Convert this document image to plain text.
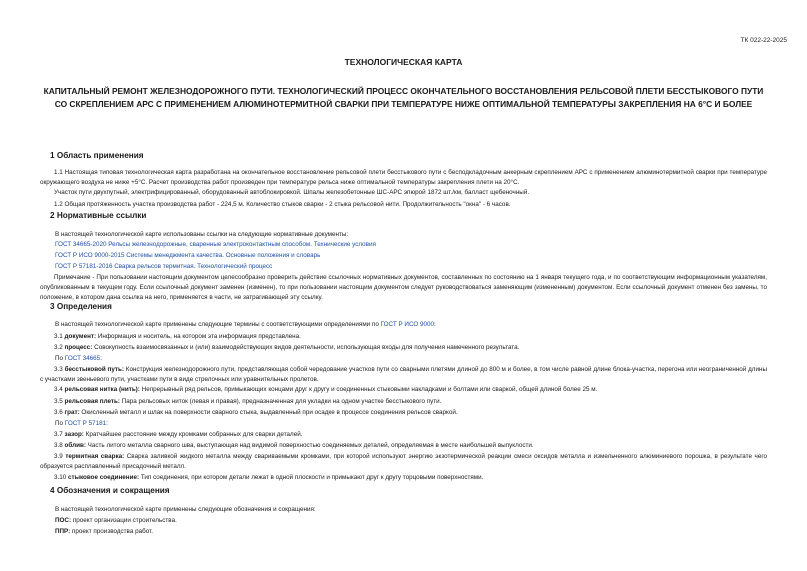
ТК 022-22-2025
ТЕХНОЛОГИЧЕСКАЯ КАРТА
КАПИТАЛЬНЫЙ РЕМОНТ ЖЕЛЕЗНОДОРОЖНОГО ПУТИ. ТЕХНОЛОГИЧЕСКИЙ ПРОЦЕСС ОКОНЧАТЕЛЬНОГО ВОССТАНОВЛЕНИЯ РЕЛЬСОВОЙ ПЛЕТИ БЕССТЫКОВОГО ПУТИ СО СКРЕПЛЕНИЕМ АРС С ПРИМЕНЕНИЕМ АЛЮМИНОТЕРМИТНОЙ СВАРКИ ПРИ ТЕМПЕРАТУРЕ НИЖЕ ОПТИМАЛЬНОЙ ТЕМПЕРАТУРЫ ЗАКРЕПЛЕНИЯ НА 6°С И БОЛЕЕ
1 Область применения
1.1 Настоящая типовая технологическая карта разработана на окончательное восстановление рельсовой плети бесстыкового пути с бесподкладочным анкерным скреплением АРС с применением алюминотермитной сварки при температуре окружающего воздуха не ниже +5°С. Расчет производства работ произведен при температуре рельса ниже оптимальной температуры закрепления плети на 20°С.
Участок пути двухпутный, электрифицированный, оборудованный автоблокировкой. Шпалы железобетонные ШС-АРС эпюрой 1872 шт./км, балласт щебеночный.
1.2 Общая протяженность участка производства работ - 224,5 м. Количество стыков сварки - 2 стыка рельсовой нити. Продолжительность "окна" - 6 часов.
2 Нормативные ссылки
В настоящей технологической карте использованы ссылки на следующие нормативные документы:
ГОСТ 34665-2020 Рельсы железнодорожные, сваренные электроконтактным способом. Технические условия
ГОСТ Р ИСО 9000-2015 Системы менеджмента качества. Основные положения и словарь
ГОСТ Р 57181-2016 Сварка рельсов термитная. Технологический процесс
Примечание - При пользовании настоящим документом целесообразно проверить действие ссылочных нормативных документов, составленных по состоянию на 1 января текущего года, и по соответствующим информационным указателям, опубликованным в текущем году. Если ссылочный документ заменен (изменен), то при пользовании настоящим документом следует руководствоваться заменяющим (измененным) документом. Если ссылочный документ отменен без замены, то положение, в котором дана ссылка на него, применяется в части, не затрагивающей эту ссылку.
3 Определения
В настоящей технологической карте применены следующие термины с соответствующими определениями по ГОСТ Р ИСО 9000:
3.1 документ: Информация и носитель, на котором эта информация представлена.
3.2 процесс: Совокупность взаимосвязанных и (или) взаимодействующих видов деятельности, использующая входы для получения намеченного результата.
По ГОСТ 34665:
3.3 бесстыковой путь: Конструкция железнодорожного пути, представляющая собой чередование участков пути со сварными плетями длиной до 800 м и более, в том числе равной длине блока-участка, перегона или неограниченной длины с участками звеньевого пути, участками пути в виде стрелочных или уравнительных пролетов.
3.4 рельсовая нитка (нить): Непрерывный ряд рельсов, примыкающих концами друг к другу и соединенных стыковыми накладками и болтами или сваркой, общей длиной более 25 м.
3.5 рельсовая плеть: Пара рельсовых ниток (левая и правая), предназначенная для укладки на одном участке бесстыкового пути.
3.6 грат: Окисленный металл и шлак на поверхности сварного стыка, выдавленный при осадке в процессе соединения рельсов сваркой.
По ГОСТ Р 57181:
3.7 зазор: Кратчайшее расстояние между кромками собранных для сварки деталей.
3.8 облив: Часть литого металла сварного шва, выступающая над видимой поверхностью соединяемых деталей, определяемая в месте наибольшей выпуклости.
3.9 термитная сварка: Сварка заливкой жидкого металла между свариваемыми кромками, при которой используют энергию экзотермической реакции смеси оксидов металла и измельченного алюминиевого порошка, в результате чего образуется расплавленный присадочный металл.
3.10 стыковое соединение: Тип соединения, при котором детали лежат в одной плоскости и примыкают друг к другу торцовыми поверхностями.
4 Обозначения и сокращения
В настоящей технологической карте применены следующие обозначения и сокращения:
ПОС: проект организации строительства.
ППР: проект производства работ.
